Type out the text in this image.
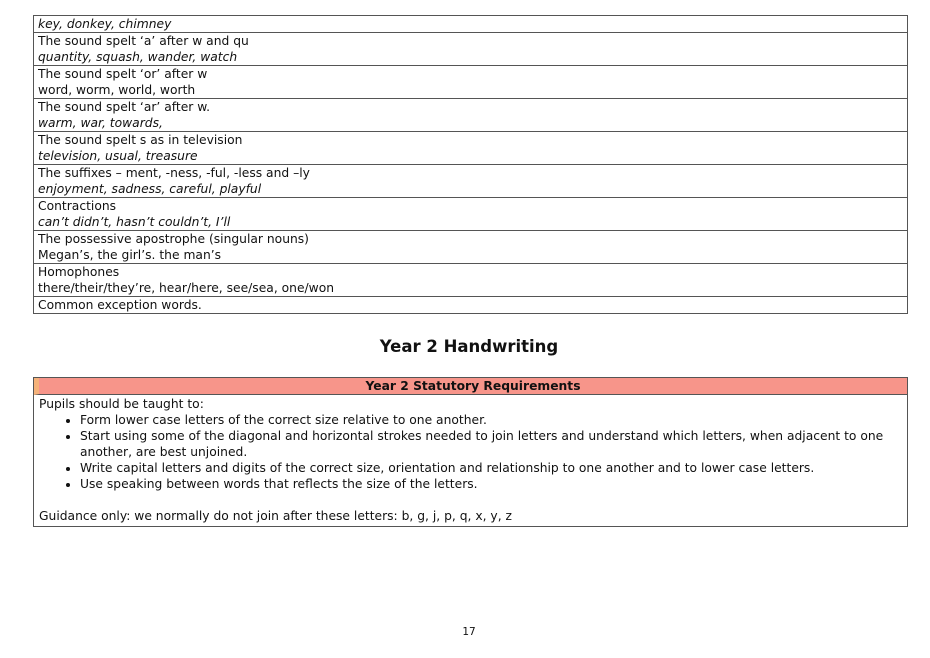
key, donkey, chimney

The sound spelt ‘a’ after w and qu
quantity, squash, wander, watch

The sound spelt ‘or’ after w
word, worm, world, worth

The sound spelt ‘ar’ after w.
warm, war, towards,

The sound spelt s as in television
television, usual, treasure

The suffixes – ment, -ness, -ful, -less and –ly
enjoyment, sadness, careful, playful

Contractions
can’t didn’t, hasn’t couldn’t, I’ll

The possessive apostrophe (singular nouns)
Megan’s, the girl’s. the man’s

Homophones
there/their/they’re, hear/here, see/sea, one/won

Common exception words.
Year 2 Handwriting
Year 2 Statutory Requirements
Pupils should be taught to:
• Form lower case letters of the correct size relative to one another.
• Start using some of the diagonal and horizontal strokes needed to join letters and understand which letters, when adjacent to one another, are best unjoined.
• Write capital letters and digits of the correct size, orientation and relationship to one another and to lower case letters.
• Use speaking between words that reflects the size of the letters.
Guidance only: we normally do not join after these letters: b, g, j, p, q, x, y, z
17
